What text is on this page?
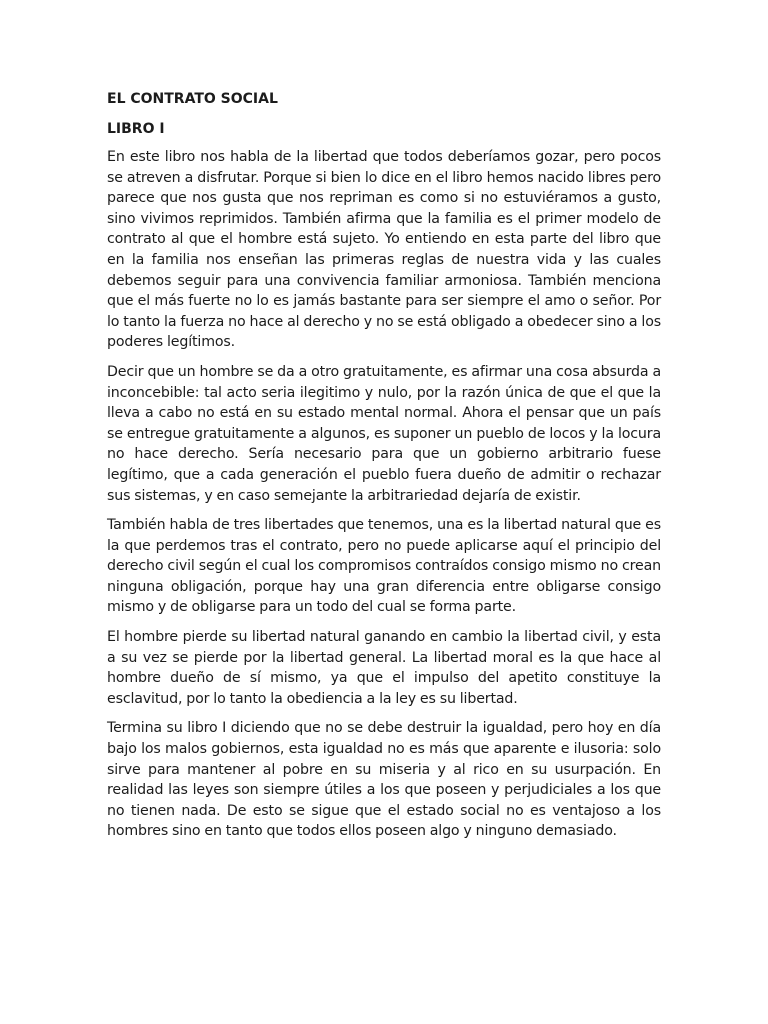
EL CONTRATO SOCIAL
LIBRO I

En este libro nos habla de la libertad que todos deberíamos gozar, pero pocos se atreven a disfrutar. Porque si bien lo dice en el libro hemos nacido libres pero parece que nos gusta que nos repriman es como si no estuviéramos a gusto, sino vivimos reprimidos. También afirma que la familia es el primer modelo de contrato al que el hombre está sujeto. Yo entiendo en esta parte del libro que en la familia nos enseñan las primeras reglas de nuestra vida y las cuales debemos seguir para una convivencia familiar armoniosa. También menciona que el más fuerte no lo es jamás bastante para ser siempre el amo o señor. Por lo tanto la fuerza no hace al derecho y no se está obligado a obedecer sino a los poderes legítimos.

Decir que un hombre se da a otro gratuitamente, es afirmar una cosa absurda a inconcebible: tal acto seria ilegitimo y nulo, por la razón única de que el que la lleva a cabo no está en su estado mental normal. Ahora el pensar que un país se entregue gratuitamente a algunos, es suponer un pueblo de locos y la locura no hace derecho. Sería necesario para que un gobierno arbitrario fuese legítimo, que a cada generación el pueblo fuera dueño de admitir o rechazar sus sistemas, y en caso semejante la arbitrariedad dejaría de existir.

También habla de tres libertades que tenemos, una es la libertad natural que es la que perdemos tras el contrato, pero no puede aplicarse aquí el principio del derecho civil según el cual los compromisos contraídos consigo mismo no crean ninguna obligación, porque hay una gran diferencia entre obligarse consigo mismo y de obligarse para un todo del cual se forma parte.

El hombre pierde su libertad natural ganando en cambio la libertad civil, y esta a su vez se pierde por la libertad general. La libertad moral es la que hace al hombre dueño de sí mismo, ya que el impulso del apetito constituye la esclavitud, por lo tanto la obediencia a la ley es su libertad.

Termina su libro I diciendo que no se debe destruir la igualdad, pero hoy en día bajo los malos gobiernos, esta igualdad no es más que aparente e ilusoria: solo sirve para mantener al pobre en su miseria y al rico en su usurpación. En realidad las leyes son siempre útiles a los que poseen y perjudiciales a los que no tienen nada. De esto se sigue que el estado social no es ventajoso a los hombres sino en tanto que todos ellos poseen algo y ninguno demasiado.
